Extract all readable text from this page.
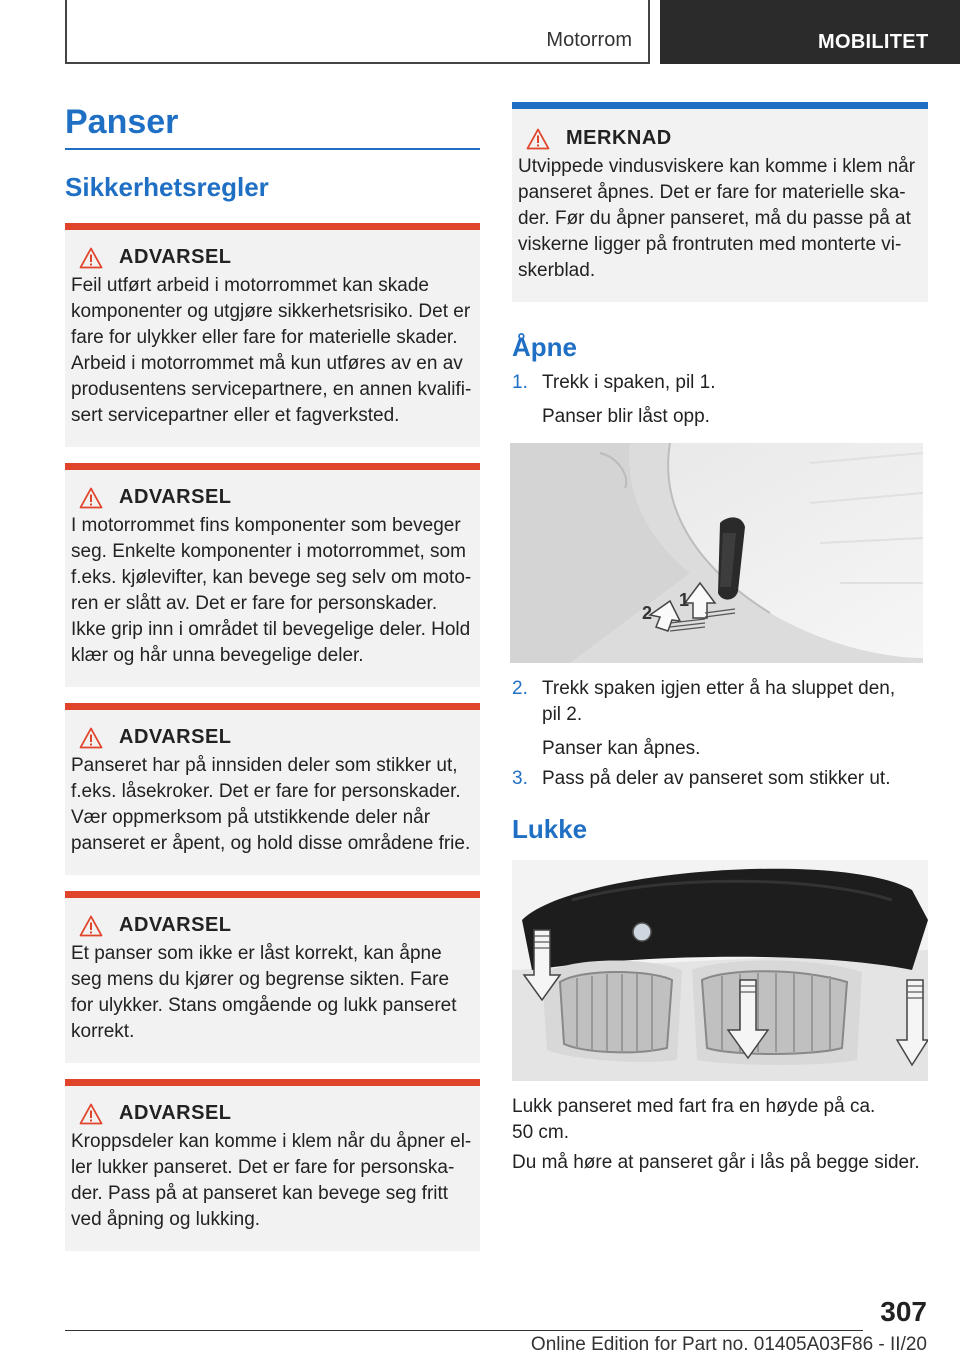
Motorrom	MOBILITET
Panser
Sikkerhetsregler
ADVARSEL
Feil utført arbeid i motorrommet kan skade komponenter og utgjøre sikkerhetsrisiko. Det er fare for ulykker eller fare for materielle skader. Arbeid i motorrommet må kun utføres av en av produsentens servicepartnere, en annen kvalifi-sert servicepartner eller et fagverksted.
ADVARSEL
I motorrommet fins komponenter som beveger seg. Enkelte komponenter i motorrommet, som f.eks. kjølevifter, kan bevege seg selv om moto-ren er slått av. Det er fare for personskader. Ikke grip inn i området til bevegelige deler. Hold klær og hår unna bevegelige deler.
ADVARSEL
Panseret har på innsiden deler som stikker ut, f.eks. låsekroker. Det er fare for personskader. Vær oppmerksom på utstikkende deler når panseret er åpent, og hold disse områdene frie.
ADVARSEL
Et panser som ikke er låst korrekt, kan åpne seg mens du kjører og begrense sikten. Fare for ulykker. Stans omgående og lukk panseret korrekt.
ADVARSEL
Kroppsdeler kan komme i klem når du åpner el-ler lukker panseret. Det er fare for personska-der. Pass på at panseret kan bevege seg fritt ved åpning og lukking.
MERKNAD
Utvippede vindusviskere kan komme i klem når panseret åpnes. Det er fare for materielle ska-der. Før du åpner panseret, må du passe på at viskerne ligger på frontruten med monterte vi-skerblad.
Åpne
1. Trekk i spaken, pil 1.
Panser blir låst opp.
1
2
2. Trekk spaken igjen etter å ha sluppet den, pil 2.
Panser kan åpnes.
3. Pass på deler av panseret som stikker ut.
Lukke
Lukk panseret med fart fra en høyde på ca. 50 cm.
Du må høre at panseret går i lås på begge sider.
307
Online Edition for Part no. 01405A03F86 - II/20
